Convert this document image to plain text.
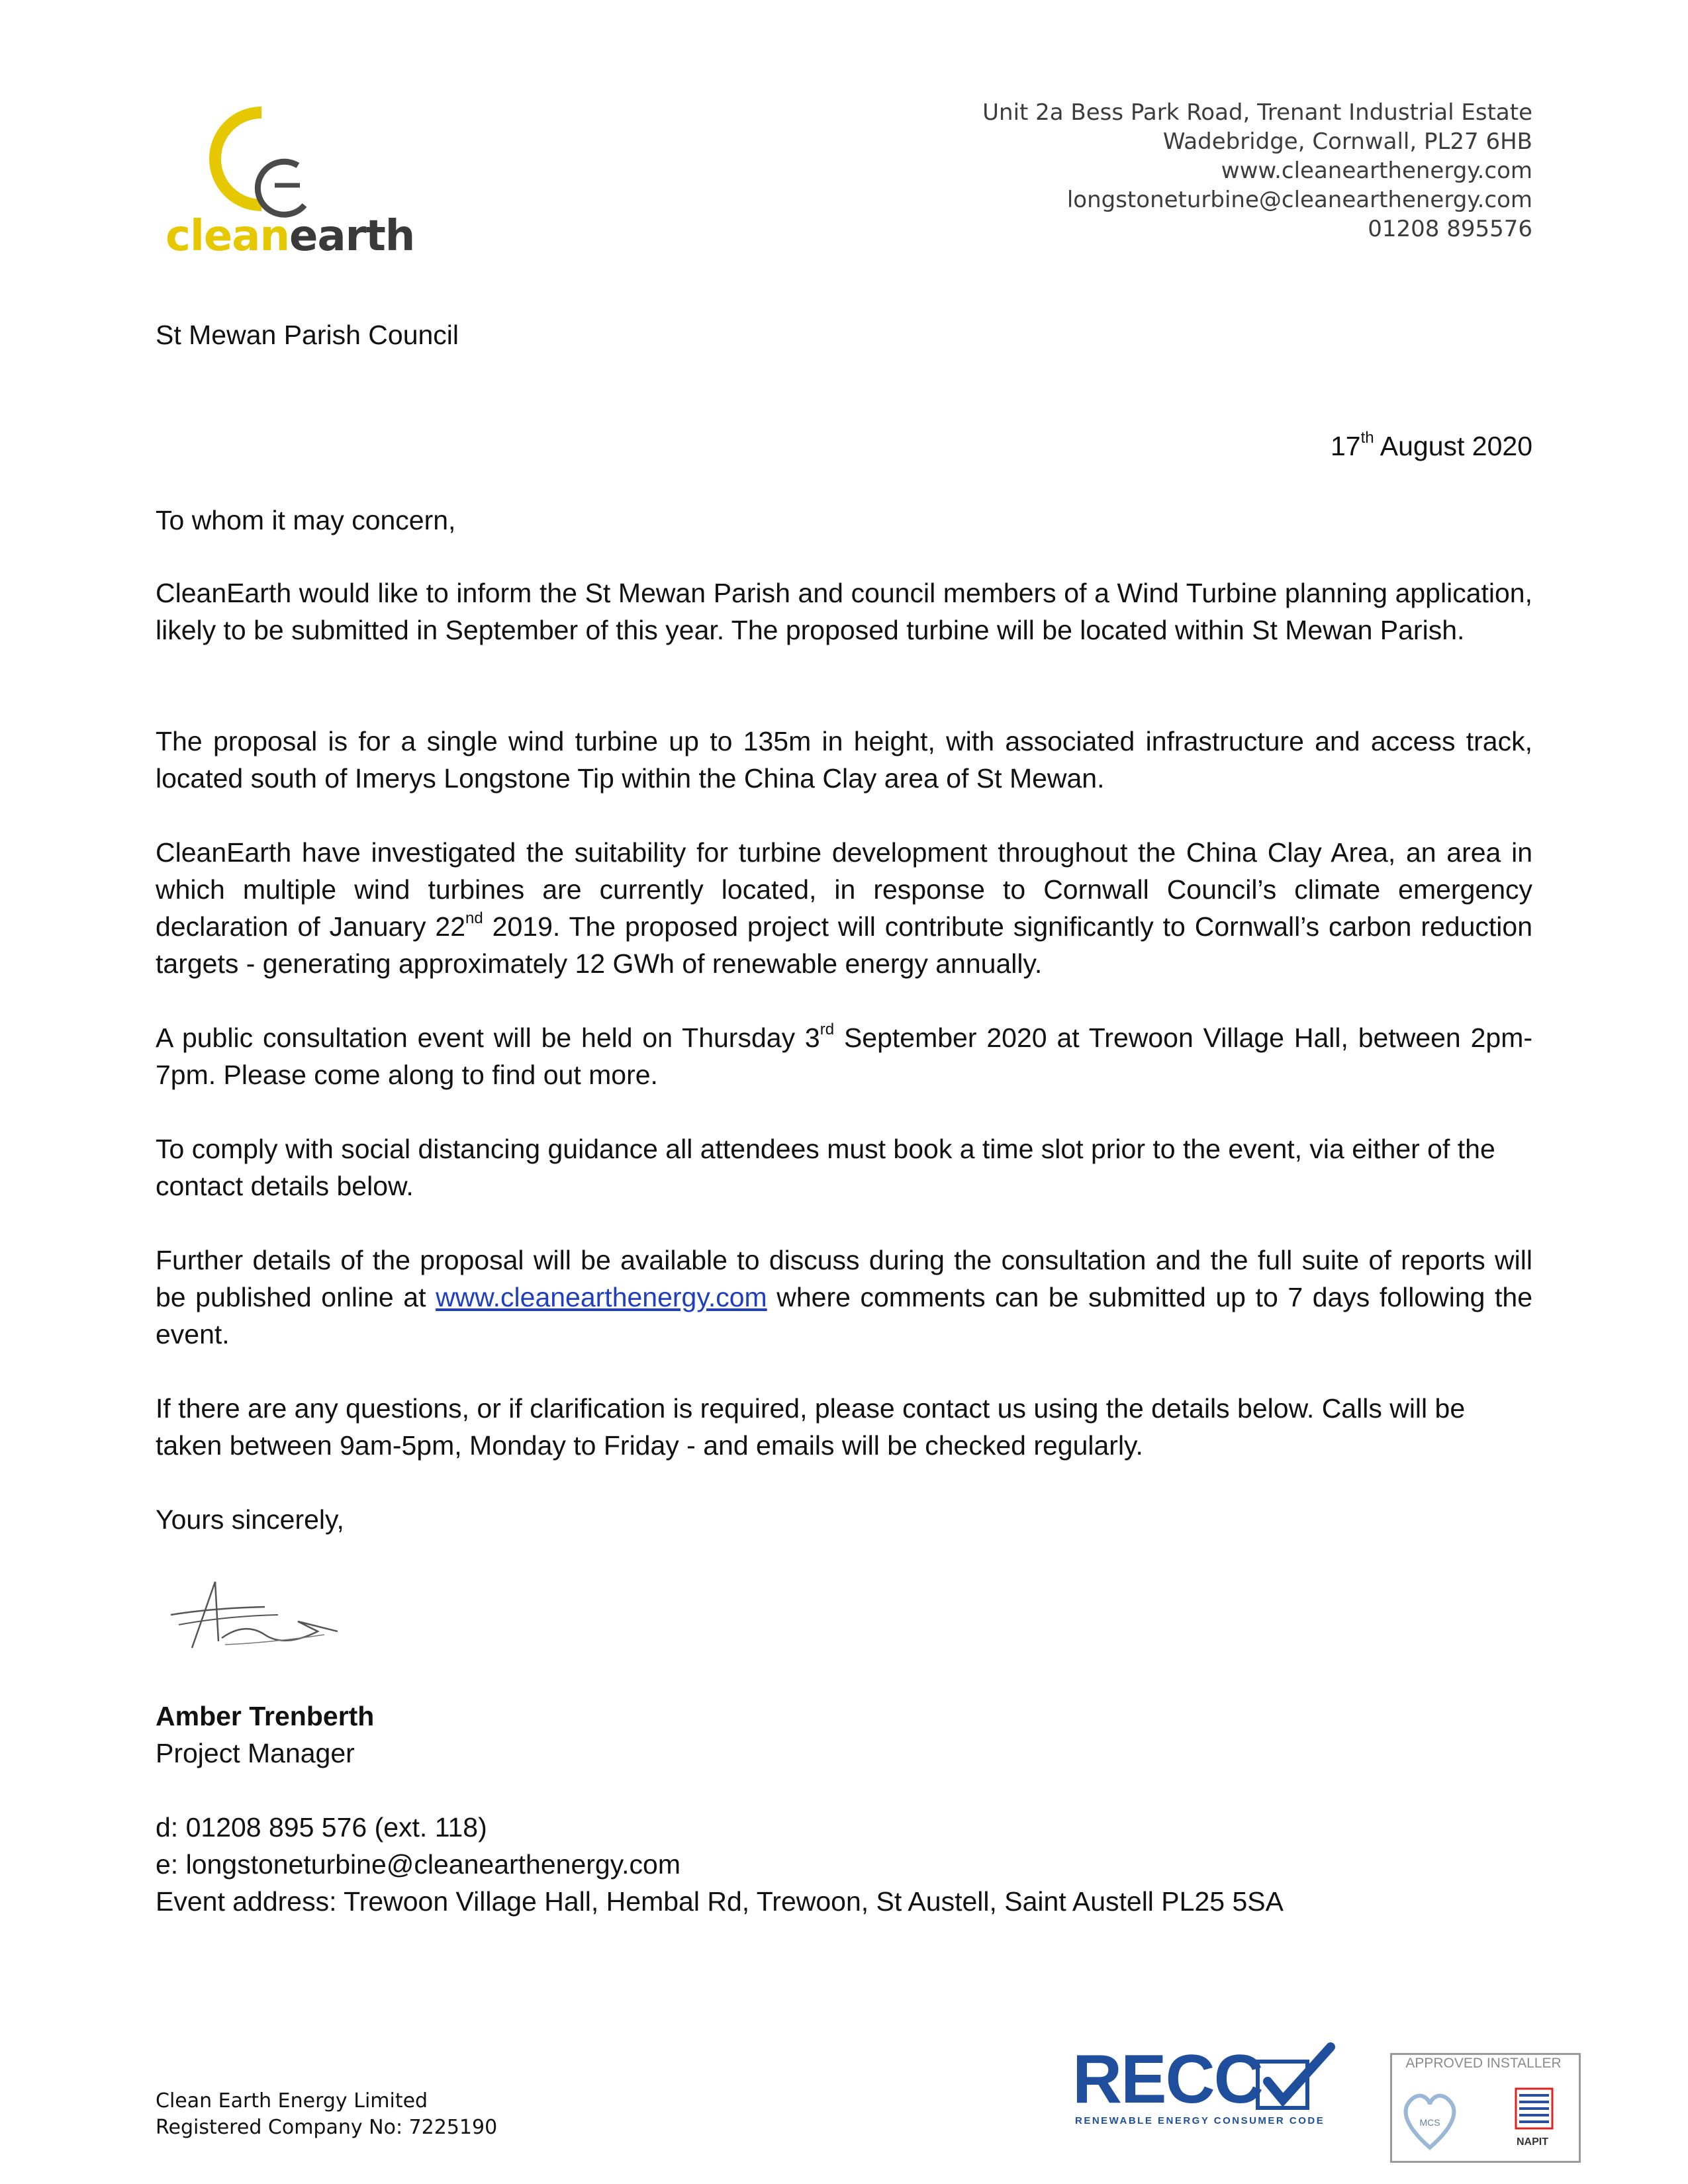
cleanearth
Unit 2a Bess Park Road, Trenant Industrial Estate
Wadebridge, Cornwall, PL27 6HB
www.cleanearthenergy.com
longstoneturbine@cleanearthenergy.com
01208 895576
St Mewan Parish Council
17th August 2020
To whom it may concern,
CleanEarth would like to inform the St Mewan Parish and council members of a Wind Turbine planning application, likely to be submitted in September of this year. The proposed turbine will be located within St Mewan Parish.
The proposal is for a single wind turbine up to 135m in height, with associated infrastructure and access track, located south of Imerys Longstone Tip within the China Clay area of St Mewan.
CleanEarth have investigated the suitability for turbine development throughout the China Clay Area, an area in which multiple wind turbines are currently located, in response to Cornwall Council’s climate emergency declaration of January 22nd 2019. The proposed project will contribute significantly to Cornwall’s carbon reduction targets - generating approximately 12 GWh of renewable energy annually.
A public consultation event will be held on Thursday 3rd September 2020 at Trewoon Village Hall, between 2pm-7pm. Please come along to find out more.
To comply with social distancing guidance all attendees must book a time slot prior to the event, via either of the contact details below.
Further details of the proposal will be available to discuss during the consultation and the full suite of reports will be published online at www.cleanearthenergy.com where comments can be submitted up to 7 days following the event.
If there are any questions, or if clarification is required, please contact us using the details below. Calls will be taken between 9am-5pm, Monday to Friday - and emails will be checked regularly.
Yours sincerely,
Amber Trenberth
Project Manager
d: 01208 895 576 (ext. 118)
e: longstoneturbine@cleanearthenergy.com
Event address: Trewoon Village Hall, Hembal Rd, Trewoon, St Austell, Saint Austell PL25 5SA
Clean Earth Energy Limited
Registered Company No: 7225190
RECC
RENEWABLE ENERGY CONSUMER CODE
APPROVED INSTALLER
MCS
NAPIT
